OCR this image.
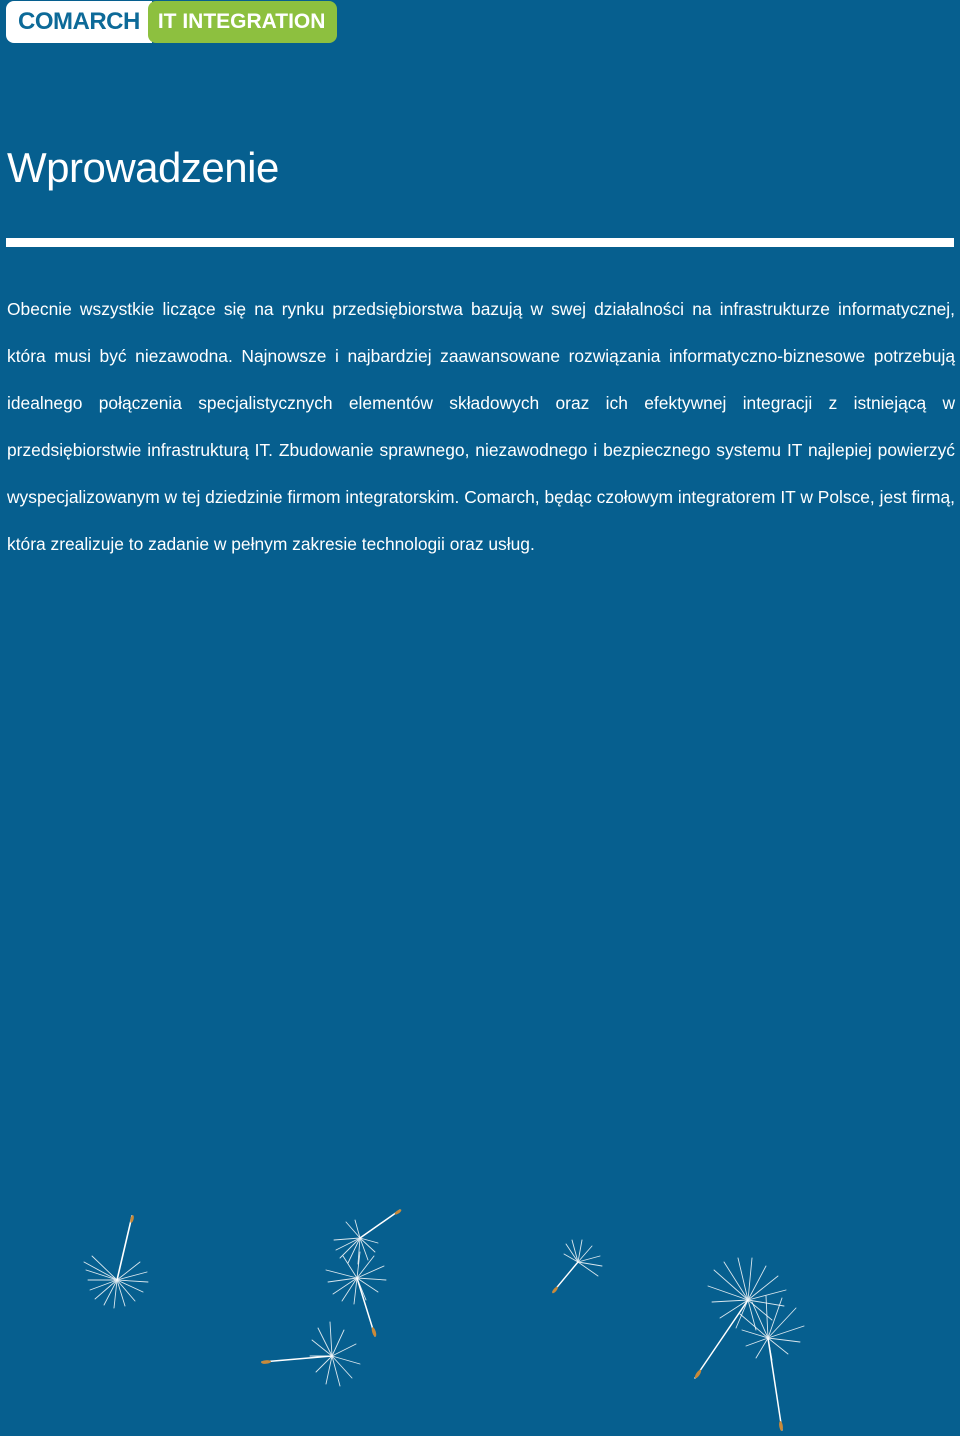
COMARCH IT INTEGRATION
Wprowadzenie

Obecnie wszystkie liczące się na rynku przedsiębiorstwa bazują w swej działalności na infrastrukturze informatycznej, która musi być niezawodna. Najnowsze i najbardziej zaawansowane rozwiązania informatyczno-biznesowe potrzebują idealnego połączenia specjalistycznych elementów składowych oraz ich efektywnej integracji z istniejącą w przedsiębiorstwie infrastrukturą IT. Zbudowanie sprawnego, niezawodnego i bezpiecznego systemu IT najlepiej powierzyć wyspecjalizowanym w tej dziedzinie firmom integratorskim. Comarch, będąc czołowym integratorem IT w Polsce, jest firmą, która zrealizuje to zadanie w pełnym zakresie technologii oraz usług.
